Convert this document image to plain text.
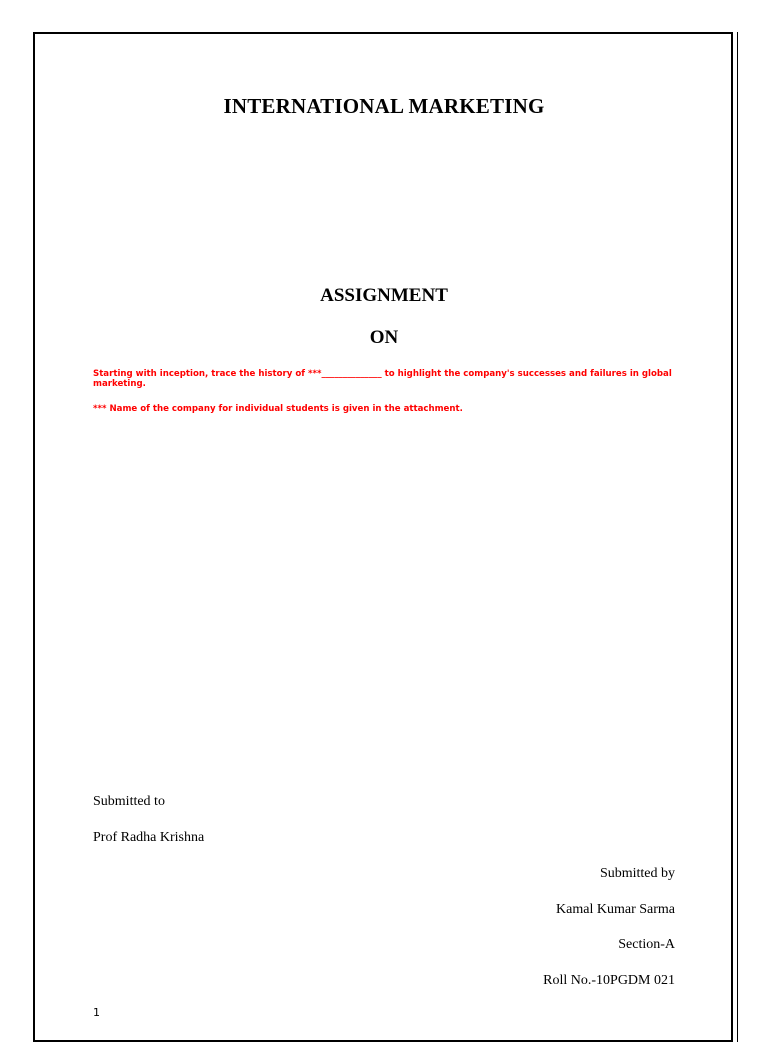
INTERNATIONAL MARKETING
ASSIGNMENT
ON
Starting with inception, trace the history of ***______________ to highlight the company's successes and failures in global marketing.
*** Name of the company for individual students is given in the attachment.
Submitted to
Prof Radha Krishna
Submitted by
Kamal Kumar Sarma
Section-A
Roll No.-10PGDM 021
1
